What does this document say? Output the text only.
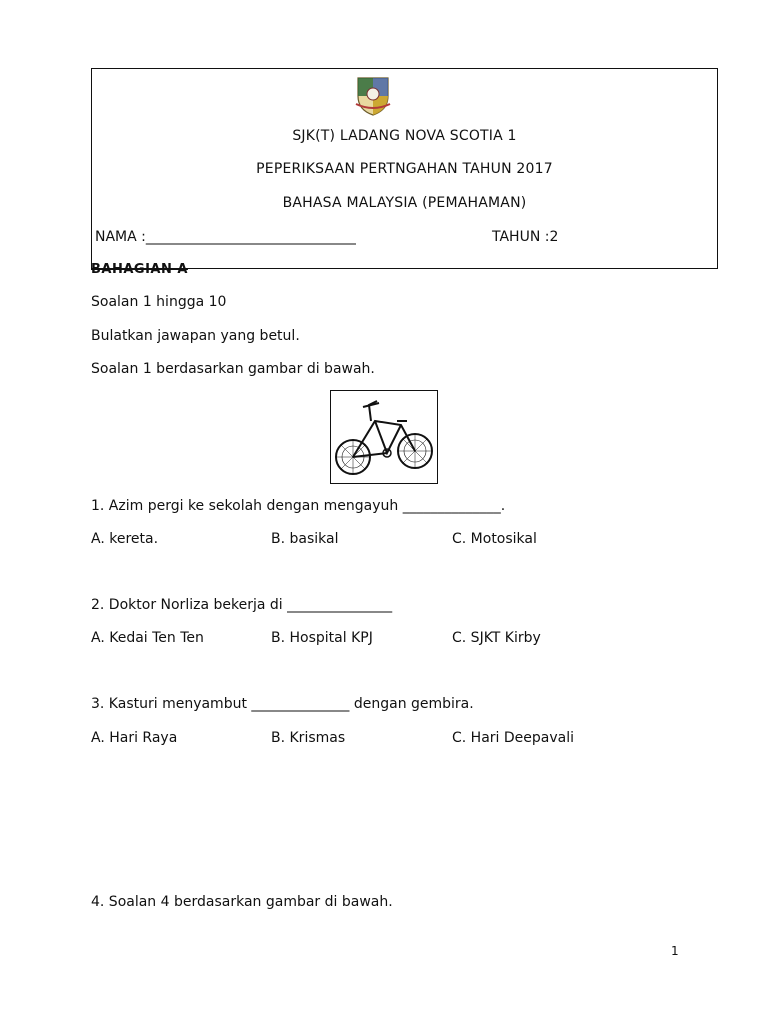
SJK(T) LADANG NOVA SCOTIA 1
PEPERIKSAAN PERTNGAHAN TAHUN 2017
BAHASA MALAYSIA (PEMAHAMAN)
NAMA :______________________________	TAHUN :2
BAHAGIAN A
Soalan 1 hingga 10
Bulatkan jawapan yang betul.
Soalan 1 berdasarkan gambar di bawah.
1. Azim pergi ke sekolah dengan mengayuh ______________.
A. kereta.	B. basikal	C. Motosikal
2. Doktor Norliza bekerja di _______________
A. Kedai Ten Ten	B. Hospital KPJ	C. SJKT Kirby
3. Kasturi menyambut ______________ dengan gembira.
A. Hari Raya	B. Krismas	C. Hari Deepavali
4. Soalan 4 berdasarkan gambar di bawah.
1
